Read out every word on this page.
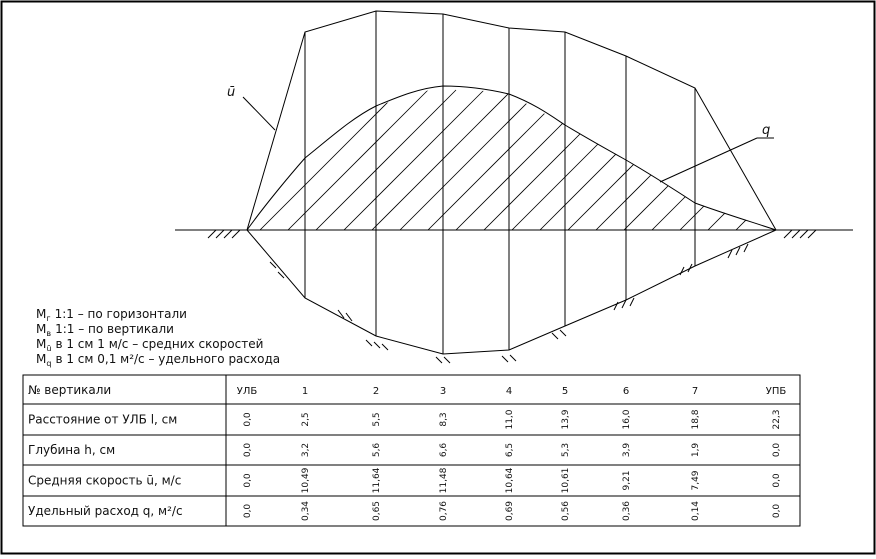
ū
q
$M_г$ 1:1 – по горизонтали
$M_в$ 1:1 – по вертикали
$M_ū$ в 1 см 1 м/с – средних скоростей
$M_q$ в 1 см 0,1 м²/с – удельного расхода
№ вертикали	УЛБ	1	2	3	4	5	6	7	УПБ
Расстояние от УЛБ l, см	0,0	2,5	5,5	8,3	11,0	13,9	16,0	18,8	22,3
Глубина h, см	0,0	3,2	5,6	6,6	6,5	5,3	3,9	1,9	0,0
Средняя скорость ū, м/с	0,0	10,49	11,64	11,48	10,64	10,61	9,21	7,49	0,0
Удельный расход q, м²/с	0,0	0,34	0,65	0,76	0,69	0,56	0,36	0,14	0,0
